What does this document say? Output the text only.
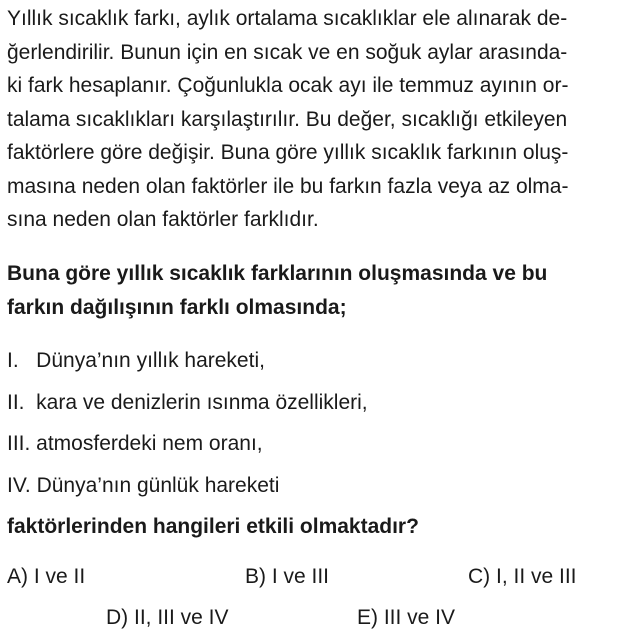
Yıllık sıcaklık farkı, aylık ortalama sıcaklıklar ele alınarak de-
ğerlendirilir. Bunun için en sıcak ve en soğuk aylar arasında-
ki fark hesaplanır. Çoğunlukla ocak ayı ile temmuz ayının or-
talama sıcaklıkları karşılaştırılır. Bu değer, sıcaklığı etkileyen
faktörlere göre değişir. Buna göre yıllık sıcaklık farkının oluş-
masına neden olan faktörler ile bu farkın fazla veya az olma-
sına neden olan faktörler farklıdır.
Buna göre yıllık sıcaklık farklarının oluşmasında ve bu
farkın dağılışının farklı olmasında;
I.   Dünya’nın yıllık hareketi,
II.  kara ve denizlerin ısınma özellikleri,
III. atmosferdeki nem oranı,
IV. Dünya’nın günlük hareketi
faktörlerinden hangileri etkili olmaktadır?
A) I ve II	B) I ve III	C) I, II ve III
D) II, III ve IV	E) III ve IV
